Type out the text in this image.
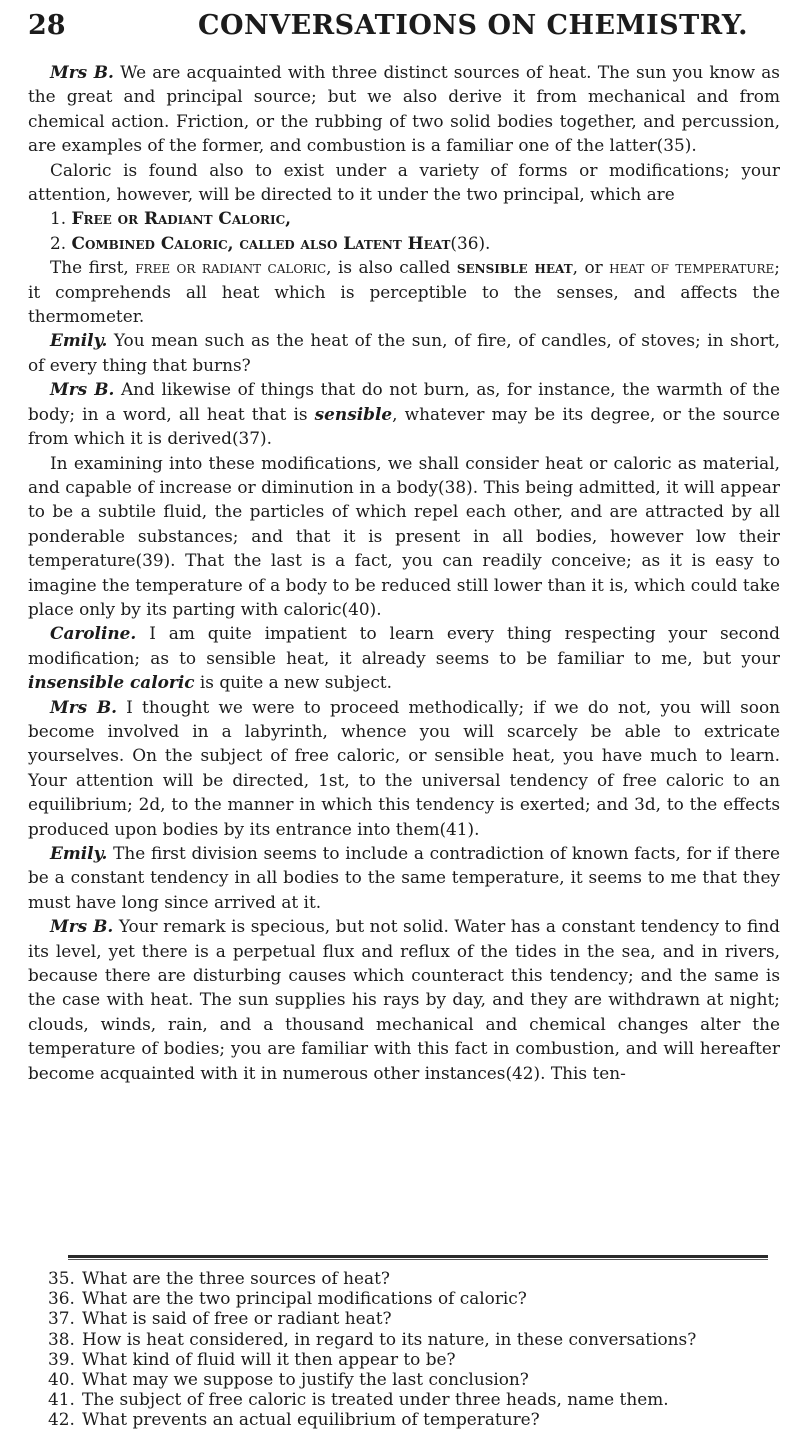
28	CONVERSATIONS ON CHEMISTRY.

Mrs B. We are acquainted with three distinct sources of heat. The sun you know as the great and principal source; but we also derive it from mechanical and from chemical action. Friction, or the rubbing of two solid bodies together, and percussion, are examples of the former, and combustion is a familiar one of the latter(35).

Caloric is found also to exist under a variety of forms or modifications; your attention, however, will be directed to it under the two principal, which are

1. Free or Radiant Caloric,

2. Combined Caloric, called also Latent Heat(36).

The first, free or radiant caloric, is also called sensible heat, or heat of temperature; it comprehends all heat which is perceptible to the senses, and affects the thermometer.

Emily. You mean such as the heat of the sun, of fire, of candles, of stoves; in short, of every thing that burns?

Mrs B. And likewise of things that do not burn, as, for instance, the warmth of the body; in a word, all heat that is sensible, whatever may be its degree, or the source from which it is derived(37).

In examining into these modifications, we shall consider heat or caloric as material, and capable of increase or diminution in a body(38). This being admitted, it will appear to be a subtile fluid, the particles of which repel each other, and are attracted by all ponderable substances; and that it is present in all bodies, however low their temperature(39). That the last is a fact, you can readily conceive; as it is easy to imagine the temperature of a body to be reduced still lower than it is, which could take place only by its parting with caloric(40).

Caroline. I am quite impatient to learn every thing respecting your second modification; as to sensible heat, it already seems to be familiar to me, but your insensible caloric is quite a new subject.

Mrs B. I thought we were to proceed methodically; if we do not, you will soon become involved in a labyrinth, whence you will scarcely be able to extricate yourselves. On the subject of free caloric, or sensible heat, you have much to learn. Your attention will be directed, 1st, to the universal tendency of free caloric to an equilibrium; 2d, to the manner in which this tendency is exerted; and 3d, to the effects produced upon bodies by its entrance into them(41).

Emily. The first division seems to include a contradiction of known facts, for if there be a constant tendency in all bodies to the same temperature, it seems to me that they must have long since arrived at it.

Mrs B. Your remark is specious, but not solid. Water has a constant tendency to find its level, yet there is a perpetual flux and reflux of the tides in the sea, and in rivers, because there are disturbing causes which counteract this tendency; and the same is the case with heat. The sun supplies his rays by day, and they are withdrawn at night; clouds, winds, rain, and a thousand mechanical and chemical changes alter the temperature of bodies; you are familiar with this fact in combustion, and will hereafter become acquainted with it in numerous other instances(42). This ten-

35. What are the three sources of heat?
36. What are the two principal modifications of caloric?
37. What is said of free or radiant heat?
38. How is heat considered, in regard to its nature, in these conversations?
39. What kind of fluid will it then appear to be?
40. What may we suppose to justify the last conclusion?
41. The subject of free caloric is treated under three heads, name them.
42. What prevents an actual equilibrium of temperature?
